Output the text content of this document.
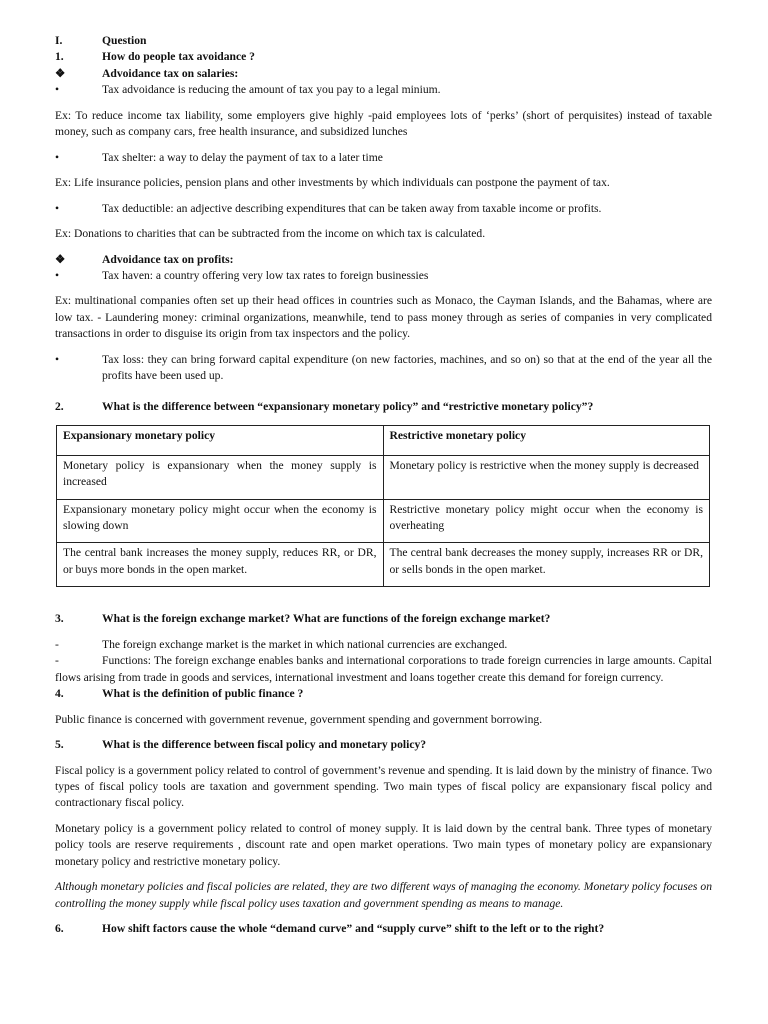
I.	Question
1.	How do people tax avoidance ?
❖	Advoidance tax on salaries:
•	Tax advoidance is reducing the amount of tax you pay to a legal minium.

Ex: To reduce income tax liability, some employers give highly -paid employees lots of ‘perks’ (short of perquisites) instead of taxable money, such as company cars, free health insurance, and subsidized lunches

•	Tax shelter: a way to delay the payment of tax to a later time

Ex: Life insurance policies, pension plans and other investments by which individuals can postpone the payment of tax.

•	Tax deductible: an adjective describing expenditures that can be taken away from taxable income or profits.

Ex: Donations to charities that can be subtracted from the income on which tax is calculated.

❖	Advoidance tax on profits:
•	Tax haven: a country offering very low tax rates to foreign businessies

Ex: multinational companies often set up their head offices in countries such as Monaco, the Cayman Islands, and the Bahamas, where are low tax. - Laundering money: criminal organizations, meanwhile, tend to pass money through as series of companies in very complicated transactions in order to disguise its origin from tax inspectors and the policy.

•	Tax loss: they can bring forward capital expenditure (on new factories, machines, and so on) so that at the end of the year all the profits have been used up.
2.	What is the difference between “expansionary monetary policy” and “restrictive monetary policy”?
Expansionary monetary policy	Restrictive monetary policy
Monetary policy is expansionary when the money supply is increased	Monetary policy is restrictive when the money supply is decreased
Expansionary monetary policy might occur when the economy is slowing down	Restrictive monetary policy might occur when the economy is overheating
The central bank increases the money supply, reduces RR, or DR, or buys more bonds in the open market.	The central bank decreases the money supply, increases RR or DR, or sells bonds in the open market.
3.	What is the foreign exchange market? What are functions of the foreign exchange market?
-	The foreign exchange market is the market in which national currencies are exchanged.

-	Functions: The foreign exchange enables banks and international corporations to trade foreign currencies in large amounts. Capital flows arising from trade in goods and services, international investment and loans together create this demand for foreign currency.

4.	What is the definition of public finance ?

Public finance is concerned with government revenue, government spending and government borrowing.

5.	What is the difference between fiscal policy and monetary policy?

Fiscal policy is a government policy related to control of government’s revenue and spending. It is laid down by the ministry of finance. Two types of fiscal policy tools are taxation and government spending. Two main types of fiscal policy are expansionary fiscal policy and contractionary fiscal policy.

Monetary policy is a government policy related to control of money supply. It is laid down by the central bank. Three types of monetary policy tools are reserve requirements , discount rate and open market operations. Two main types of monetary policy are expansionary monetary policy and restrictive monetary policy.

Although monetary policies and fiscal policies are related, they are two different ways of managing the economy. Monetary policy focuses on controlling the money supply while fiscal policy uses taxation and government spending as means to manage.

6.	How shift factors cause the whole “demand curve” and “supply curve” shift to the left or to the right?
